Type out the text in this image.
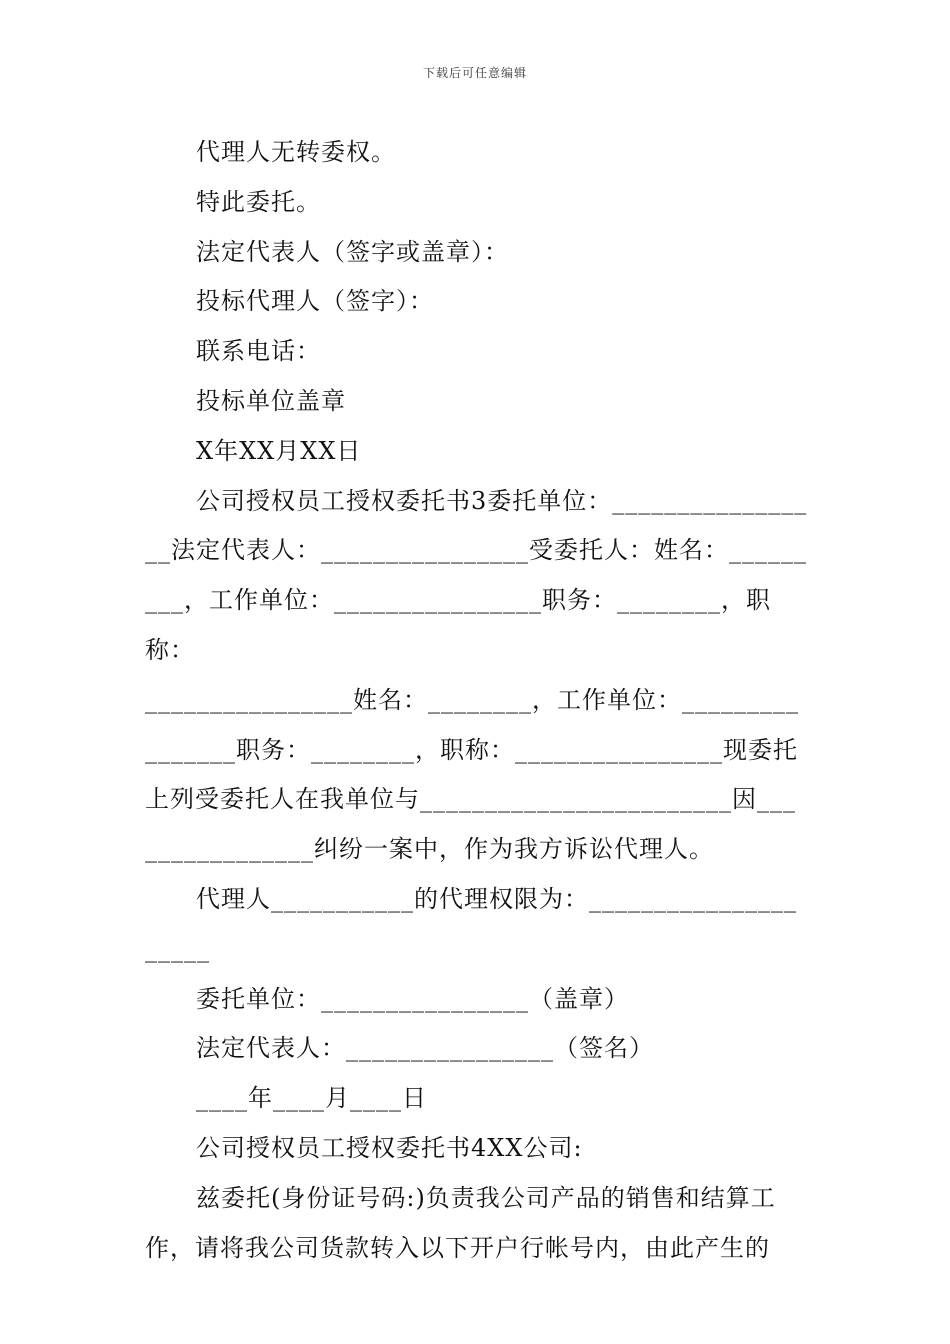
下载后可任意编辑

代理人无转委权。

特此委托。

法定代表人（签字或盖章）：

投标代理人（签字）：

联系电话：

投标单位盖章

X年XX月XX日

公司授权员工授权委托书3委托单位：_______________

__法定代表人：________________受委托人：姓名：______

___，工作单位：________________职务：________，职称：

________________姓名：________，工作单位：_________

_______职务：________，职称：________________现委托

上列受委托人在我单位与________________________因___

_____________纠纷一案中，作为我方诉讼代理人。

代理人___________的代理权限为：________________

_____

委托单位：________________（盖章）

法定代表人：________________（签名）

____年____月____日

公司授权员工授权委托书4XX公司:

兹委托(身份证号码:)负责我公司产品的销售和结算工

作，请将我公司货款转入以下开户行帐号内，由此产生的
